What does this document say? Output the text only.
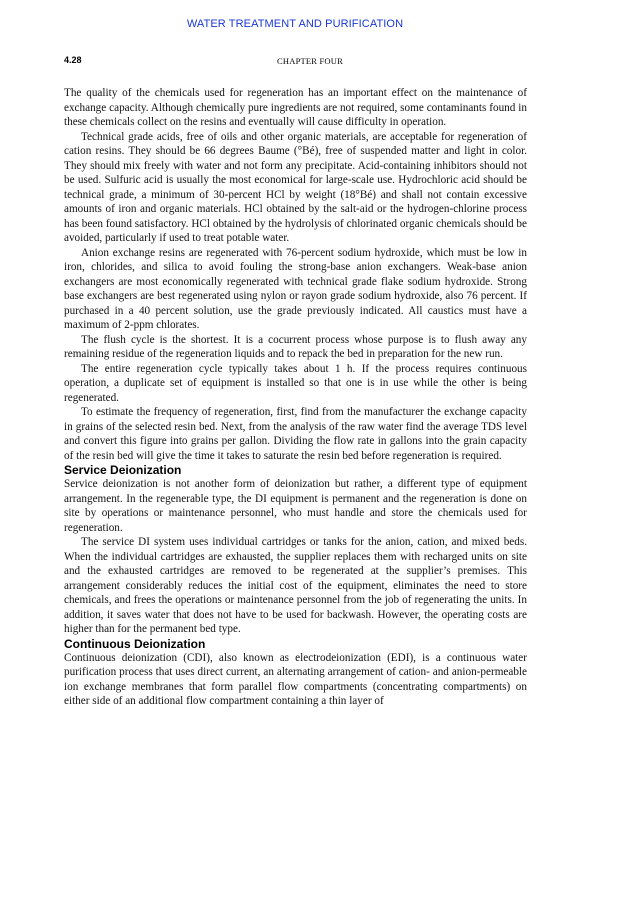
WATER TREATMENT AND PURIFICATION
4.28	CHAPTER FOUR

The quality of the chemicals used for regeneration has an important effect on the maintenance of exchange capacity. Although chemically pure ingredients are not required, some contaminants found in these chemicals collect on the resins and eventually will cause difficulty in operation.

Technical grade acids, free of oils and other organic materials, are acceptable for regeneration of cation resins. They should be 66 degrees Baume (°Bé), free of suspended matter and light in color. They should mix freely with water and not form any precipitate. Acid-containing inhibitors should not be used. Sulfuric acid is usually the most economical for large-scale use. Hydrochloric acid should be technical grade, a minimum of 30-percent HCl by weight (18°Bé) and shall not contain excessive amounts of iron and organic materials. HCl obtained by the salt-aid or the hydrogen-chlorine process has been found satisfactory. HCl obtained by the hydrolysis of chlorinated organic chemicals should be avoided, particularly if used to treat potable water.

Anion exchange resins are regenerated with 76-percent sodium hydroxide, which must be low in iron, chlorides, and silica to avoid fouling the strong-base anion exchangers. Weak-base anion exchangers are most economically regenerated with technical grade flake sodium hydroxide. Strong base exchangers are best regenerated using nylon or rayon grade sodium hydroxide, also 76 percent. If purchased in a 40 percent solution, use the grade previously indicated. All caustics must have a maximum of 2-ppm chlorates.

The flush cycle is the shortest. It is a cocurrent process whose purpose is to flush away any remaining residue of the regeneration liquids and to repack the bed in preparation for the new run.

The entire regeneration cycle typically takes about 1 h. If the process requires continuous operation, a duplicate set of equipment is installed so that one is in use while the other is being regenerated.

To estimate the frequency of regeneration, first, find from the manufacturer the exchange capacity in grains of the selected resin bed. Next, from the analysis of the raw water find the average TDS level and convert this figure into grains per gallon. Dividing the flow rate in gallons into the grain capacity of the resin bed will give the time it takes to saturate the resin bed before regeneration is required.

Service Deionization

Service deionization is not another form of deionization but rather, a different type of equipment arrangement. In the regenerable type, the DI equipment is permanent and the regeneration is done on site by operations or maintenance personnel, who must handle and store the chemicals used for regeneration.

The service DI system uses individual cartridges or tanks for the anion, cation, and mixed beds. When the individual cartridges are exhausted, the supplier replaces them with recharged units on site and the exhausted cartridges are removed to be regenerated at the supplier’s premises. This arrangement considerably reduces the initial cost of the equipment, eliminates the need to store chemicals, and frees the operations or maintenance personnel from the job of regenerating the units. In addition, it saves water that does not have to be used for backwash. However, the operating costs are higher than for the permanent bed type.

Continuous Deionization

Continuous deionization (CDI), also known as electrodeionization (EDI), is a continuous water purification process that uses direct current, an alternating arrangement of cation- and anion-permeable ion exchange membranes that form parallel flow compartments (concentrating compartments) on either side of an additional flow compartment containing a thin layer of
